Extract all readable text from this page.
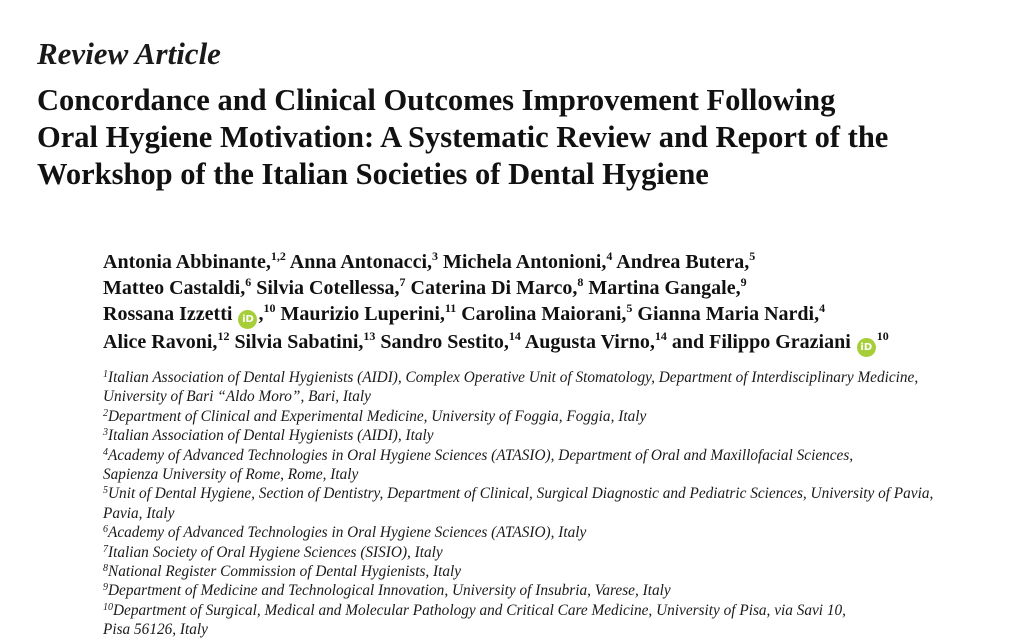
Review Article
Concordance and Clinical Outcomes Improvement Following
Oral Hygiene Motivation: A Systematic Review and Report of the
Workshop of the Italian Societies of Dental Hygiene
Antonia Abbinante,$^{1,2}$ Anna Antonacci,$^3$ Michela Antonioni,$^4$ Andrea Butera,$^5$
Matteo Castaldi,$^6$ Silvia Cotellessa,$^7$ Caterina Di Marco,$^8$ Martina Gangale,$^9$
Rossana Izzetti iD ,$^{10}$ Maurizio Luperini,$^{11}$ Carolina Maiorani,$^5$ Gianna Maria Nardi,$^4$
Alice Ravoni,$^{12}$ Silvia Sabatini,$^{13}$ Sandro Sestito,$^{14}$ Augusta Virno,$^{14}$ and Filippo Graziani $iD^{10}$
$^1$Italian Association of Dental Hygienists (AIDI), Complex Operative Unit of Stomatology, Department of Interdisciplinary Medicine,
University of Bari “Aldo Moro”, Bari, Italy
$^2$Department of Clinical and Experimental Medicine, University of Foggia, Foggia, Italy
$^3$Italian Association of Dental Hygienists (AIDI), Italy
$^4$Academy of Advanced Technologies in Oral Hygiene Sciences (ATASIO), Department of Oral and Maxillofacial Sciences,
Sapienza University of Rome, Rome, Italy
$^5$Unit of Dental Hygiene, Section of Dentistry, Department of Clinical, Surgical Diagnostic and Pediatric Sciences, University of Pavia,
Pavia, Italy
$^6$Academy of Advanced Technologies in Oral Hygiene Sciences (ATASIO), Italy
$^7$Italian Society of Oral Hygiene Sciences (SISIO), Italy
$^8$National Register Commission of Dental Hygienists, Italy
$^9$Department of Medicine and Technological Innovation, University of Insubria, Varese, Italy
$^{10}$Department of Surgical, Medical and Molecular Pathology and Critical Care Medicine, University of Pisa, via Savi 10,
Pisa 56126, Italy
